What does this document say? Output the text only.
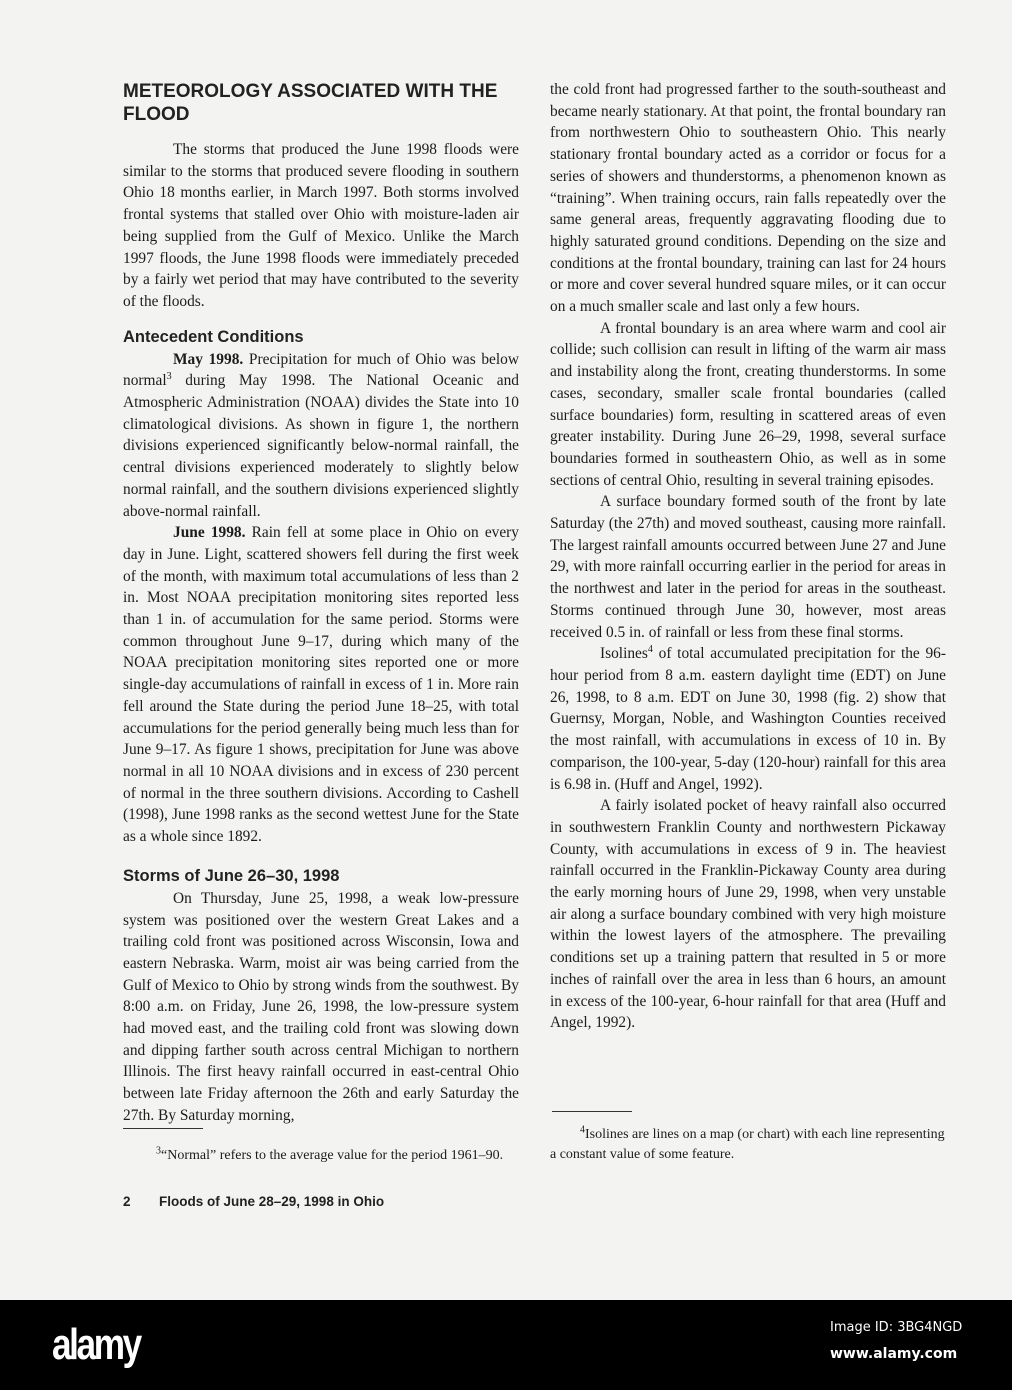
METEOROLOGY ASSOCIATED WITH THE FLOOD

The storms that produced the June 1998 floods were similar to the storms that produced severe flooding in southern Ohio 18 months earlier, in March 1997. Both storms involved frontal systems that stalled over Ohio with moisture-laden air being supplied from the Gulf of Mexico. Unlike the March 1997 floods, the June 1998 floods were immediately preceded by a fairly wet period that may have contributed to the severity of the floods.

Antecedent Conditions

May 1998. Precipitation for much of Ohio was below normal$^3$ during May 1998. The National Oceanic and Atmospheric Administration (NOAA) divides the State into 10 climatological divisions. As shown in figure 1, the northern divisions experienced significantly below-normal rainfall, the central divisions experienced moderately to slightly below normal rainfall, and the southern divisions experienced slightly above-normal rainfall.

June 1998. Rain fell at some place in Ohio on every day in June. Light, scattered showers fell during the first week of the month, with maximum total accumulations of less than 2 in. Most NOAA precipitation monitoring sites reported less than 1 in. of accumulation for the same period. Storms were common throughout June 9–17, during which many of the NOAA precipitation monitoring sites reported one or more single-day accumulations of rainfall in excess of 1 in. More rain fell around the State during the period June 18–25, with total accumulations for the period generally being much less than for June 9–17. As figure 1 shows, precipitation for June was above normal in all 10 NOAA divisions and in excess of 230 percent of normal in the three southern divisions. According to Cashell (1998), June 1998 ranks as the second wettest June for the State as a whole since 1892.

Storms of June 26–30, 1998

On Thursday, June 25, 1998, a weak low-pressure system was positioned over the western Great Lakes and a trailing cold front was positioned across Wisconsin, Iowa and eastern Nebraska. Warm, moist air was being carried from the Gulf of Mexico to Ohio by strong winds from the southwest. By 8:00 a.m. on Friday, June 26, 1998, the low-pressure system had moved east, and the trailing cold front was slowing down and dipping farther south across central Michigan to northern Illinois. The first heavy rainfall occurred in east-central Ohio between late Friday afternoon the 26th and early Saturday the 27th. By Saturday morning,

$^3$“Normal” refers to the average value for the period 1961–90.

the cold front had progressed farther to the south-southeast and became nearly stationary. At that point, the frontal boundary ran from northwestern Ohio to southeastern Ohio. This nearly stationary frontal boundary acted as a corridor or focus for a series of showers and thunderstorms, a phenomenon known as “training”. When training occurs, rain falls repeatedly over the same general areas, frequently aggravating flooding due to highly saturated ground conditions. Depending on the size and conditions at the frontal boundary, training can last for 24 hours or more and cover several hundred square miles, or it can occur on a much smaller scale and last only a few hours.

A frontal boundary is an area where warm and cool air collide; such collision can result in lifting of the warm air mass and instability along the front, creating thunderstorms. In some cases, secondary, smaller scale frontal boundaries (called surface boundaries) form, resulting in scattered areas of even greater instability. During June 26–29, 1998, several surface boundaries formed in southeastern Ohio, as well as in some sections of central Ohio, resulting in several training episodes.

A surface boundary formed south of the front by late Saturday (the 27th) and moved southeast, causing more rainfall. The largest rainfall amounts occurred between June 27 and June 29, with more rainfall occurring earlier in the period for areas in the northwest and later in the period for areas in the southeast. Storms continued through June 30, however, most areas received 0.5 in. of rainfall or less from these final storms.

Isolines$^4$ of total accumulated precipitation for the 96-hour period from 8 a.m. eastern daylight time (EDT) on June 26, 1998, to 8 a.m. EDT on June 30, 1998 (fig. 2) show that Guernsy, Morgan, Noble, and Washington Counties received the most rainfall, with accumulations in excess of 10 in. By comparison, the 100-year, 5-day (120-hour) rainfall for this area is 6.98 in. (Huff and Angel, 1992).

A fairly isolated pocket of heavy rainfall also occurred in southwestern Franklin County and northwestern Pickaway County, with accumulations in excess of 9 in. The heaviest rainfall occurred in the Franklin-Pickaway County area during the early morning hours of June 29, 1998, when very unstable air along a surface boundary combined with very high moisture within the lowest layers of the atmosphere. The prevailing conditions set up a training pattern that resulted in 5 or more inches of rainfall over the area in less than 6 hours, an amount in excess of the 100-year, 6-hour rainfall for that area (Huff and Angel, 1992).

$^4$Isolines are lines on a map (or chart) with each line representing a constant value of some feature.
2 Floods of June 28–29, 1998 in Ohio
alamy	Image ID: 3BG4NGD
www.alamy.com
